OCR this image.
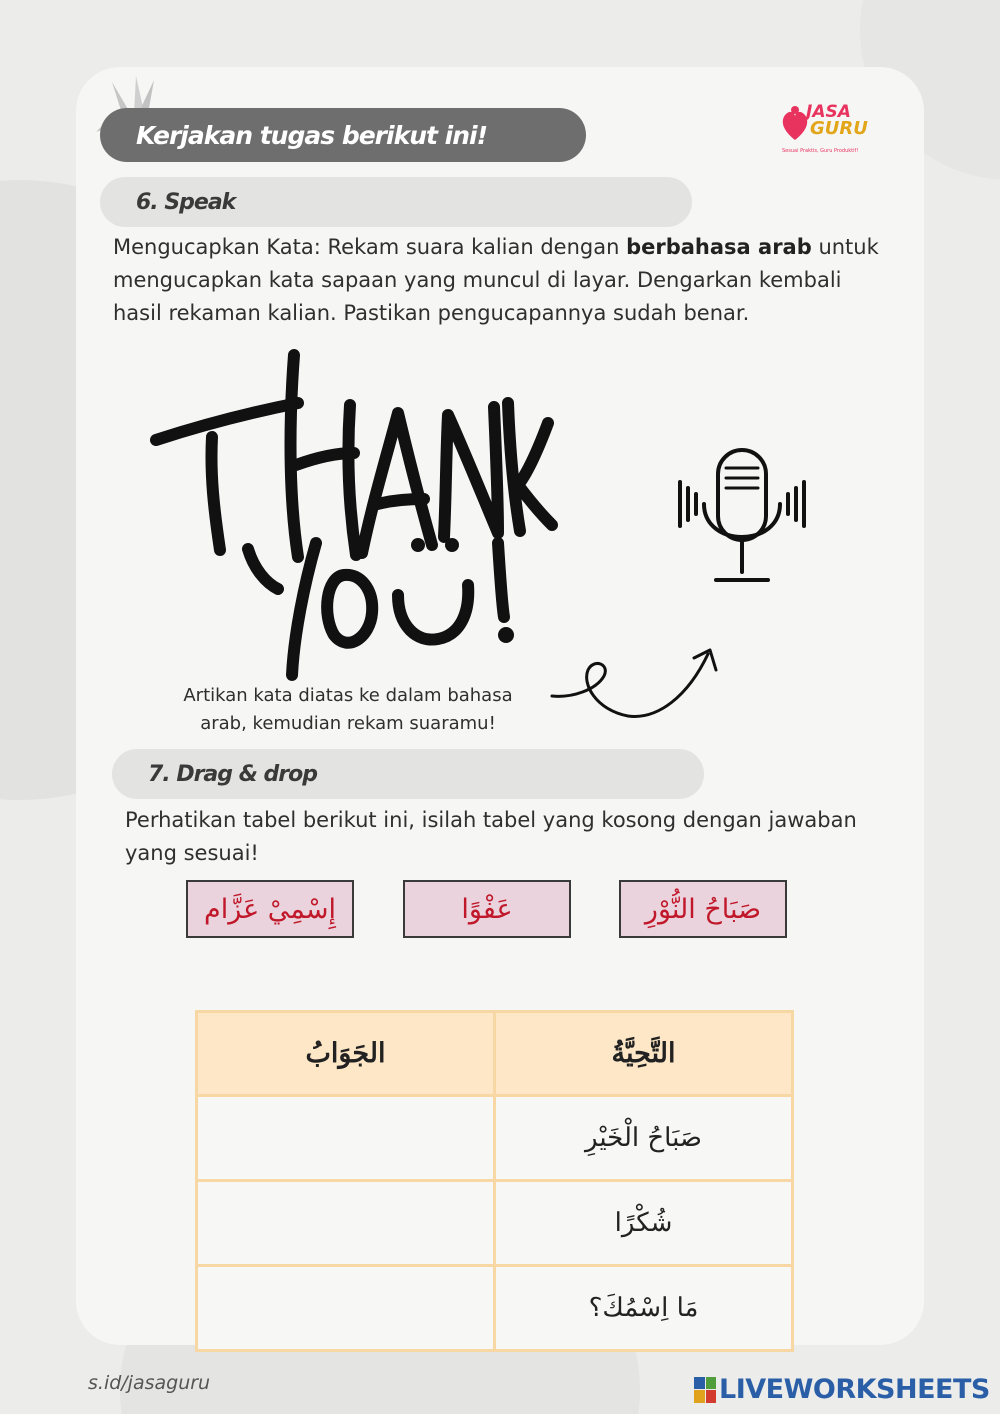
Kerjakan tugas berikut ini!
JASA
GURU
Sesuai Praktis, Guru Produktif!
6. Speak
Mengucapkan Kata: Rekam suara kalian dengan berbahasa arab untuk mengucapkan kata sapaan yang muncul di layar. Dengarkan kembali hasil rekaman kalian. Pastikan pengucapannya sudah benar.
Artikan kata diatas ke dalam bahasa arab, kemudian rekam suaramu!
7. Drag & drop
Perhatikan tabel berikut ini, isilah tabel yang kosong dengan jawaban yang sesuai!
إِسْمِيْ عَزَّام	عَفْوًا	صَبَاحُ النُّوْرِ
الجَوَابُ	التَّحِيَّةُ
	صَبَاحُ الْخَيْرِ
	شُكْرًا
	مَا اِسْمُكَ؟
s.id/jasaguru	LIVEWORKSHEETS
